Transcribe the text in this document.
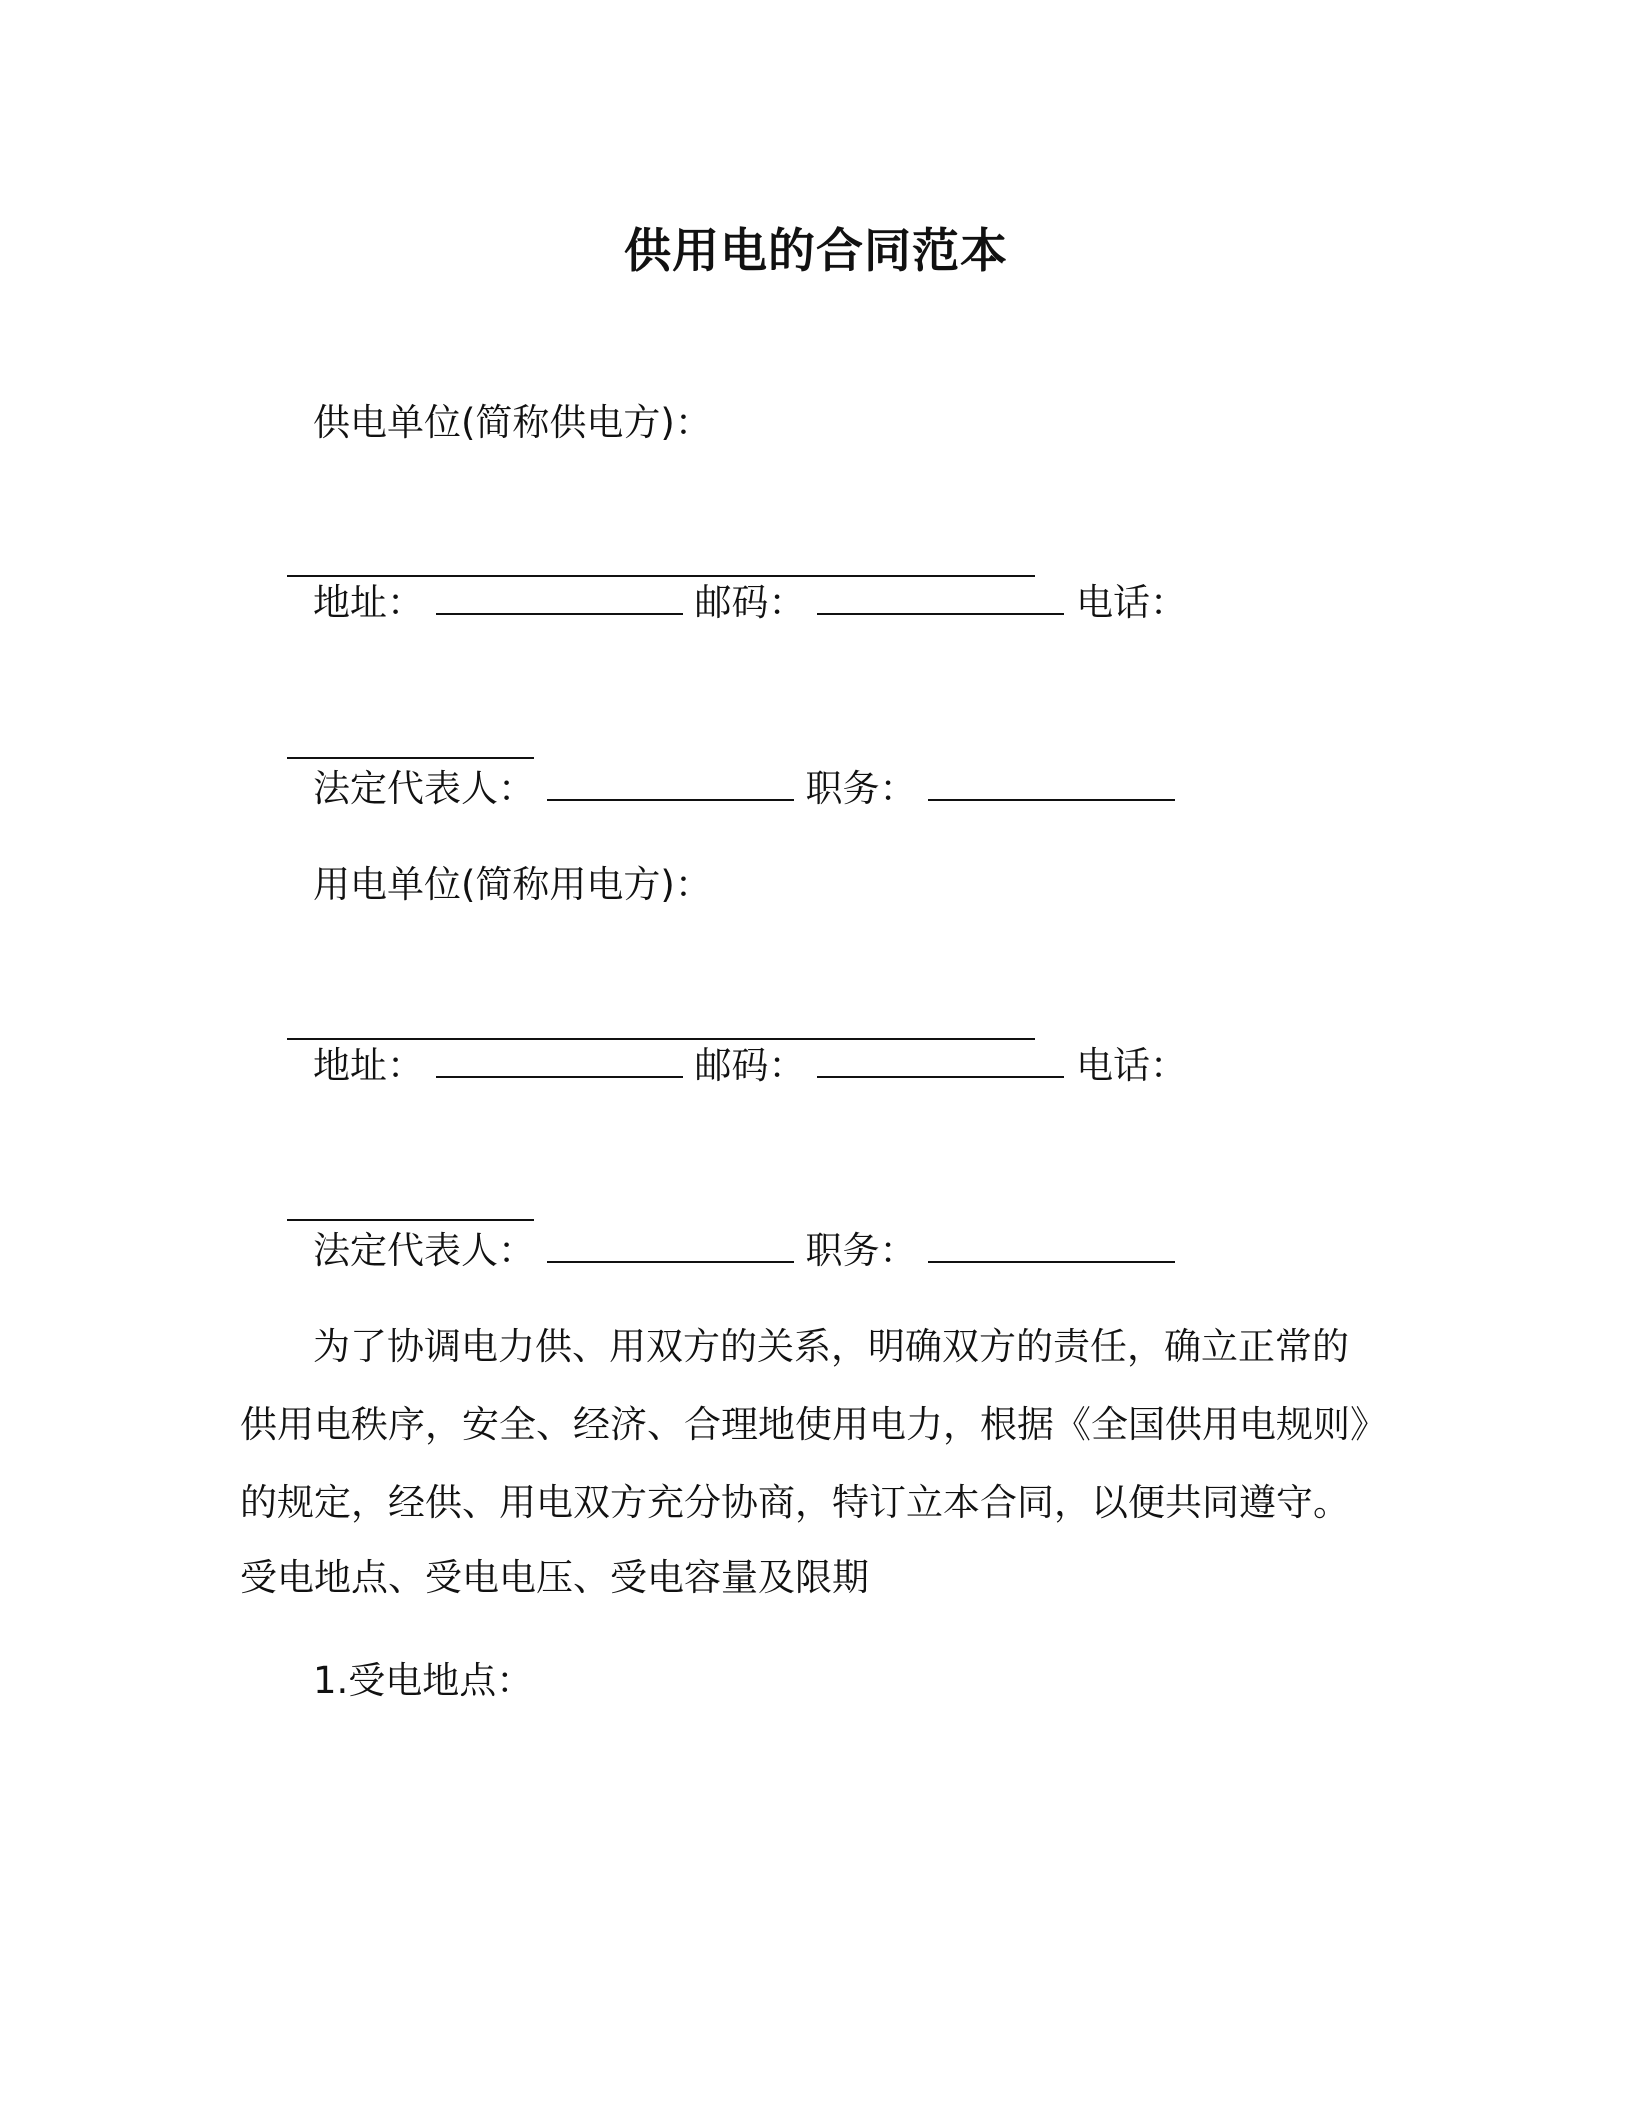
供用电的合同范本
供电单位(简称供电方)：

地址：	邮码：	电话：

法定代表人：	职务：
用电单位(简称用电方)：

地址：	邮码：	电话：

法定代表人：	职务：
为了协调电力供、用双方的关系，明确双方的责任，确立正常的
供用电秩序，安全、经济、合理地使用电力，根据《全国供用电规则》
的规定，经供、用电双方充分协商，特订立本合同，以便共同遵守。
受电地点、受电电压、受电容量及限期
1.受电地点：
